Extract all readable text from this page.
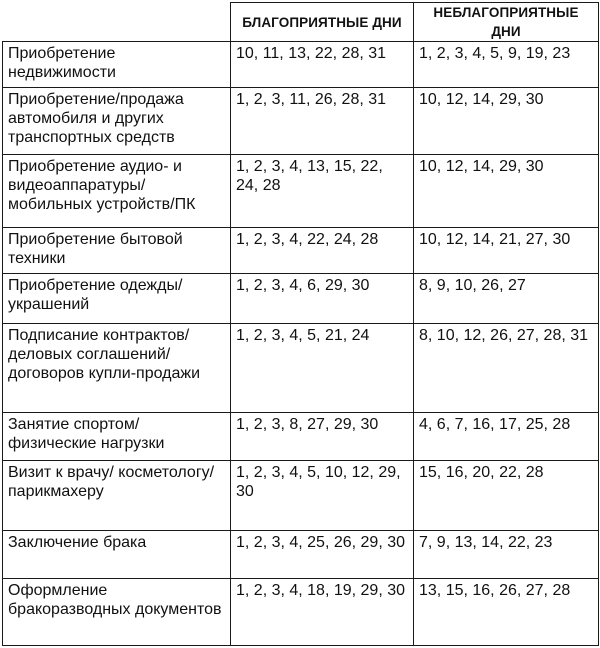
	БЛАГОПРИЯТНЫЕ ДНИ	НЕБЛАГОПРИЯТНЫЕ ДНИ
Приобретение недвижимости	10, 11, 13, 22, 28, 31	1, 2, 3, 4, 5, 9, 19, 23
Приобретение/продажа автомобиля и других транспортных средств	1, 2, 3, 11, 26, 28, 31	10, 12, 14, 29, 30
Приобретение аудио- и видеоаппаратуры/ мобильных устройств/ПК	1, 2, 3, 4, 13, 15, 22, 24, 28	10, 12, 14, 29, 30
Приобретение бытовой техники	1, 2, 3, 4, 22, 24, 28	10, 12, 14, 21, 27, 30
Приобретение одежды/ украшений	1, 2, 3, 4, 6, 29, 30	8, 9, 10, 26, 27
Подписание контрактов/ деловых соглашений/ договоров купли-продажи	1, 2, 3, 4, 5, 21, 24	8, 10, 12, 26, 27, 28, 31
Занятие спортом/ физические нагрузки	1, 2, 3, 8, 27, 29, 30	4, 6, 7, 16, 17, 25, 28
Визит к врачу/ косметологу/ парикмахеру	1, 2, 3, 4, 5, 10, 12, 29, 30	15, 16, 20, 22, 28
Заключение брака	1, 2, 3, 4, 25, 26, 29, 30	7, 9, 13, 14, 22, 23
Оформление бракоразводных документов	1, 2, 3, 4, 18, 19, 29, 30	13, 15, 16, 26, 27, 28
